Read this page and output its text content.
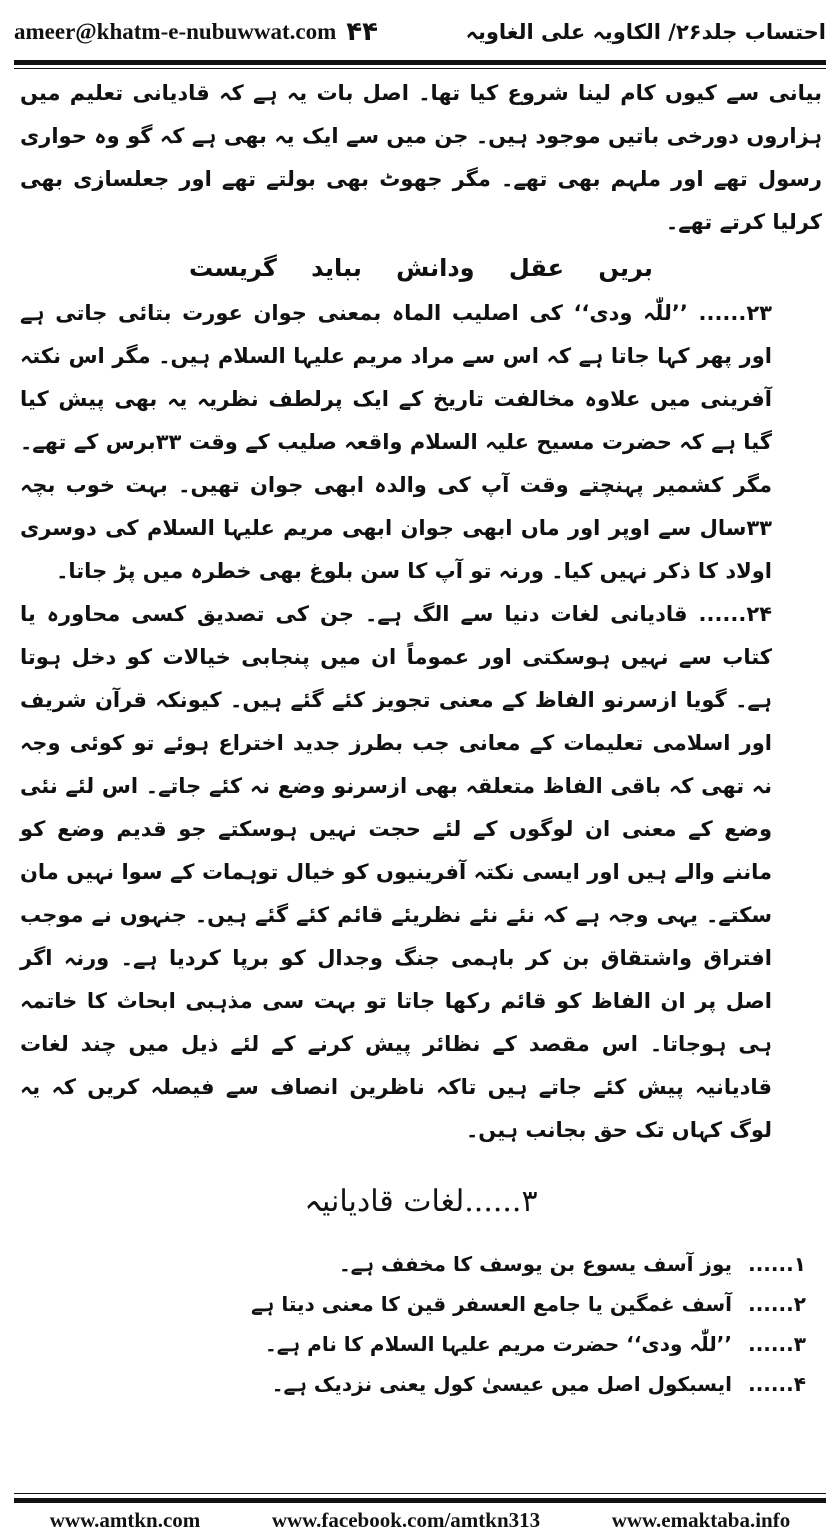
ameer@khatm-e-nubuwwat.com ۴۴	احتساب جلد۲۶/ الکاویہ علی الغاویہ

بیانی سے کیوں کام لینا شروع کیا تھا۔ اصل بات یہ ہے کہ قادیانی تعلیم میں ہزاروں دورخی باتیں موجود ہیں۔ جن میں سے ایک یہ بھی ہے کہ گو وہ حواری رسول تھے اور ملہم بھی تھے۔ مگر جھوٹ بھی بولتے تھے اور جعلسازی بھی کرلیا کرتے تھے۔

بریں عقل ودانش بباید گریست

۲۳...... ’’للّٰہ ودی‘‘ کی اصلیب الماہ بمعنی جوان عورت بتائی جاتی ہے اور پھر کہا جاتا ہے کہ اس سے مراد مریم علیہا السلام ہیں۔ مگر اس نکتہ آفرینی میں علاوہ مخالفت تاریخ کے ایک پرلطف نظریہ یہ بھی پیش کیا گیا ہے کہ حضرت مسیح علیہ السلام واقعہ صلیب کے وقت ۳۳برس کے تھے۔ مگر کشمیر پہنچتے وقت آپ کی والدہ ابھی جوان تھیں۔ بہت خوب بچہ ۳۳سال سے اوپر اور ماں ابھی جوان ابھی مریم علیہا السلام کی دوسری اولاد کا ذکر نہیں کیا۔ ورنہ تو آپ کا سن بلوغ بھی خطرہ میں پڑ جاتا۔

۲۴...... قادیانی لغات دنیا سے الگ ہے۔ جن کی تصدیق کسی محاورہ یا کتاب سے نہیں ہوسکتی اور عموماً ان میں پنجابی خیالات کو دخل ہوتا ہے۔ گویا ازسرنو الفاظ کے معنی تجویز کئے گئے ہیں۔ کیونکہ قرآن شریف اور اسلامی تعلیمات کے معانی جب بطرز جدید اختراع ہوئے تو کوئی وجہ نہ تھی کہ باقی الفاظ متعلقہ بھی ازسرنو وضع نہ کئے جاتے۔ اس لئے نئی وضع کے معنی ان لوگوں کے لئے حجت نہیں ہوسکتے جو قدیم وضع کو ماننے والے ہیں اور ایسی نکتہ آفرینیوں کو خیال توہمات کے سوا نہیں مان سکتے۔ یہی وجہ ہے کہ نئے نئے نظریئے قائم کئے گئے ہیں۔ جنہوں نے موجب افتراق واشتقاق بن کر باہمی جنگ وجدال کو برپا کردیا ہے۔ ورنہ اگر اصل پر ان الفاظ کو قائم رکھا جاتا تو بہت سی مذہبی ابحاث کا خاتمہ ہی ہوجاتا۔ اس مقصد کے نظائر پیش کرنے کے لئے ذیل میں چند لغات قادیانیہ پیش کئے جاتے ہیں تاکہ ناظرین انصاف سے فیصلہ کریں کہ یہ لوگ کہاں تک حق بجانب ہیں۔

۳......لغات قادیانیہ

۱......
یوز آسف یسوع بن یوسف کا مخفف ہے۔
۲......
آسف غمگین یا جامع العسفر قین کا معنی دیتا ہے
۳......
’’للّٰہ ودی‘‘ حضرت مریم علیہا السلام کا نام ہے۔
۴......
ایسبکول اصل میں عیسیٰ کول یعنی نزدیک ہے۔
www.amtkn.com	www.facebook.com/amtkn313	www.emaktaba.info
